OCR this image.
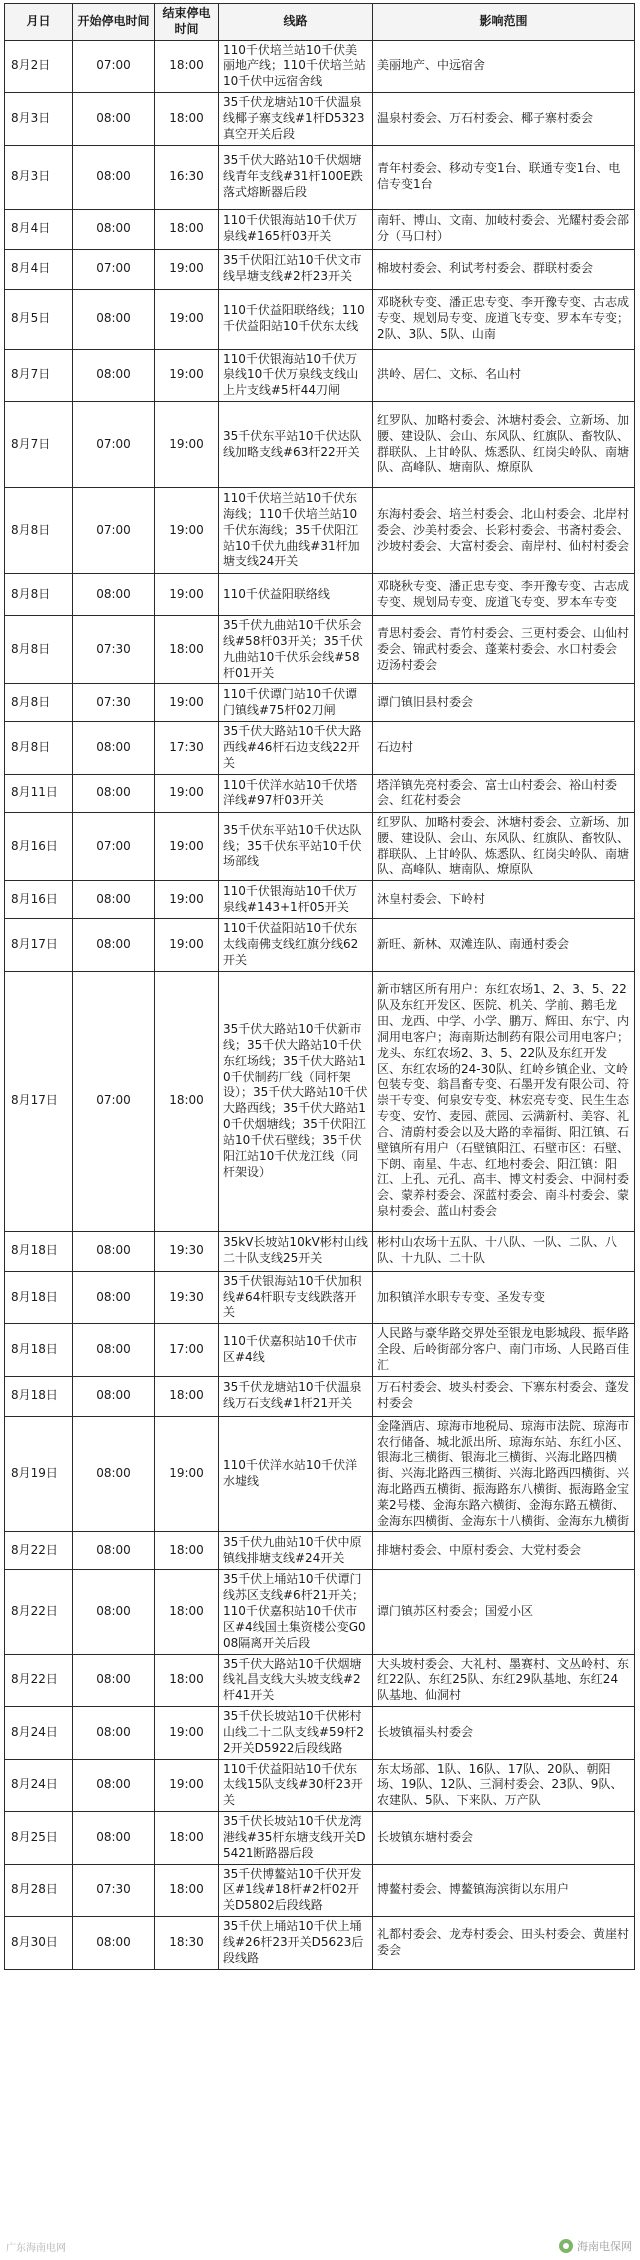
月日	开始停电时间	结束停电时间	线路	影响范围
8月2日	07:00	18:00	110千伏培兰站10千伏美丽地产线；110千伏培兰站10千伏中远宿舍线	美丽地产、中远宿舍
8月3日	08:00	18:00	35千伏龙塘站10千伏温泉线椰子寨支线#1杆D5323真空开关后段	温泉村委会、万石村委会、椰子寨村委会
8月3日	08:00	16:30	35千伏大路站10千伏烟塘线青年支线#31杆100E跌落式熔断器后段	青年村委会、移动专变1台、联通专变1台、电信专变1台
8月4日	08:00	18:00	110千伏银海站10千伏万泉线#165杆03开关	南轩、博山、文南、加岐村委会、光耀村委会部分（马口村）
8月4日	07:00	19:00	35千伏阳江站10千伏文市线旱塘支线#2杆23开关	棉坡村委会、利试考村委会、群联村委会
8月5日	08:00	19:00	110千伏益阳联络线；110千伏益阳站10千伏东太线	邓晓秋专变、潘正忠专变、李开豫专变、古志成专变、规划局专变、庞道飞专变、罗本车专变；2队、3队、5队、山南
8月7日	08:00	19:00	110千伏银海站10千伏万泉线10千伏万泉线支线山上片支线#5杆44刀闸	洪岭、居仁、文标、名山村
8月7日	07:00	19:00	35千伏东平站10千伏达队线加略支线#63杆22开关	红罗队、加略村委会、沐塘村委会、立新场、加腰、建设队、会山、东风队、红旗队、畜牧队、群联队、上甘岭队、炼悉队、红岗尖岭队、南塘队、高峰队、塘南队、燎原队
8月8日	07:00	19:00	110千伏培兰站10千伏东海线；110千伏培兰站10千伏东海线；35千伏阳江站10千伏九曲线#31杆加塘支线24开关	东海村委会、培兰村委会、北山村委会、北岸村委会、沙美村委会、长彩村委会、书斋村委会、沙坡村委会、大富村委会、南岸村、仙村村委会
8月8日	08:00	19:00	110千伏益阳联络线	邓晓秋专变、潘正忠专变、李开豫专变、古志成专变、规划局专变、庞道飞专变、罗本车专变
8月8日	07:30	18:00	35千伏九曲站10千伏乐会线#58杆03开关；35千伏九曲站10千伏乐会线#58杆01开关	青思村委会、青竹村委会、三更村委会、山仙村委会、锦武村委会、蓬莱村委会、水口村委会 迈汤村委会
8月8日	07:30	19:00	110千伏谭门站10千伏谭门镇线#75杆02刀闸	谭门镇旧县村委会
8月8日	08:00	17:30	35千伏大路站10千伏大路西线#46杆石边支线22开关	石边村
8月11日	08:00	19:00	110千伏洋水站10千伏塔洋线#97杆03开关	塔洋镇先亮村委会、富士山村委会、裕山村委会、红花村委会
8月16日	07:00	19:00	35千伏东平站10千伏达队线；35千伏东平站10千伏场部线	红罗队、加略村委会、沐塘村委会、立新场、加腰、建设队、会山、东风队、红旗队、畜牧队、群联队、上甘岭队、炼悉队、红岗尖岭队、南塘队、高峰队、塘南队、燎原队
8月16日	08:00	19:00	110千伏银海站10千伏万泉线#143+1杆05开关	沐皇村委会、下岭村
8月17日	08:00	19:00	110千伏益阳站10千伏东太线南佛支线红旗分线62开关	新旺、新林、双滩连队、南通村委会
8月17日	07:00	18:00	35千伏大路站10千伏新市线；35千伏大路站10千伏东红场线；35千伏大路站10千伏制药厂线（同杆架设）；35千伏大路站10千伏大路西线；35千伏大路站10千伏烟塘线；35千伏阳江站10千伏石壁线；35千伏阳江站10千伏龙江线（同杆架设）	新市辖区所有用户：东红农场1、2、3、5、22队及东红开发区、医院、机关、学前、鹅毛龙田、龙西、中学、小学、鹏万、辉田、东宁、内洞用电客户；海南斯达制药有限公司用电客户；龙头、东红农场2、3、5、22队及东红开发区、东红农场的24-30队、红岭乡镇企业、文岭包装专变、翁昌畜专变、石墨开发有限公司、符崇干专变、何泉安专变、林宏亮专变、民生生态专变、安竹、麦园、蔗园、云满新村、美容、礼合、清蔚村委会以及大路的幸福街、阳江镇、石壁镇所有用户（石壁镇阳江、石壁市区：石壁、下朗、南星、牛志、红地村委会、阳江镇：阳江、上孔、元孔、高丰、博文村委会、中洞村委会、蒙养村委会、深蓝村委会、南斗村委会、蒙泉村委会、蓝山村委会
8月18日	08:00	19:30	35kV长坡站10kV彬村山线二十队支线25开关	彬村山农场十五队、十八队、一队、二队、八队、十九队、二十队
8月18日	08:00	19:30	35千伏银海站10千伏加积线#64杆职专支线跌落开关	加积镇洋水职专专变、圣发专变
8月18日	08:00	17:00	110千伏嘉积站10千伏市区#4线	人民路与豪华路交界处至银龙电影城段、振华路全段、后岭街部分客户、南门市场、人民路百佳汇
8月18日	08:00	18:00	35千伏龙塘站10千伏温泉线万石支线#1杆21开关	万石村委会、坡头村委会、下寨东村委会、蓬发村委会
8月19日	08:00	19:00	110千伏洋水站10千伏洋水墟线	金隆酒店、琼海市地税局、琼海市法院、琼海市农行储备、城北派出所、琼海东站、东红小区、银海北三横街、银海北三横街、兴海北路四横街、兴海北路西三横街、兴海北路西四横街、兴海北路西五横街、振海路东八横街、振海路金宝莱2号楼、金海东路六横街、金海东路五横街、金海东四横街、金海东十八横街、金海东九横街
8月22日	08:00	18:00	35千伏九曲站10千伏中原镇线排塘支线#24开关	排塘村委会、中原村委会、大党村委会
8月22日	08:00	18:00	35千伏上埇站10千伏谭门线苏区支线#6杆21开关；110千伏嘉积站10千伏市区#4线国土集资楼公变G008隔离开关后段	谭门镇苏区村委会；国爱小区
8月22日	08:00	18:00	35千伏大路站10千伏烟塘线礼昌支线大头坡支线#2杆41开关	大头坡村委会、大礼村、墨赛村、文丛岭村、东红22队、东红25队、东红29队基地、东红24队基地、仙洞村
8月24日	08:00	19:00	35千伏长坡站10千伏彬村山线二十二队支线#59杆22开关D5922后段线路	长坡镇福头村委会
8月24日	08:00	19:00	110千伏益阳站10千伏东太线15队支线#30杆23开关	东太场部、1队、16队、17队、20队、朝阳场、19队、12队、三洞村委会、23队、9队、农建队、5队、下来队、万产队
8月25日	08:00	18:00	35千伏长坡站10千伏龙湾港线#35杆东塘支线开关D5421断路器后段	长坡镇东塘村委会
8月28日	07:30	18:00	35千伏博鳌站10千伏开发区#1线#18杆#2杆02开关D5802后段线路	博鳌村委会、博鳌镇海滨街以东用户
8月30日	08:00	18:30	35千伏上埇站10千伏上埇线#26杆23开关D5623后段线路	礼都村委会、龙寿村委会、田头村委会、黄崖村委会
广东海南电网	海南电保网
